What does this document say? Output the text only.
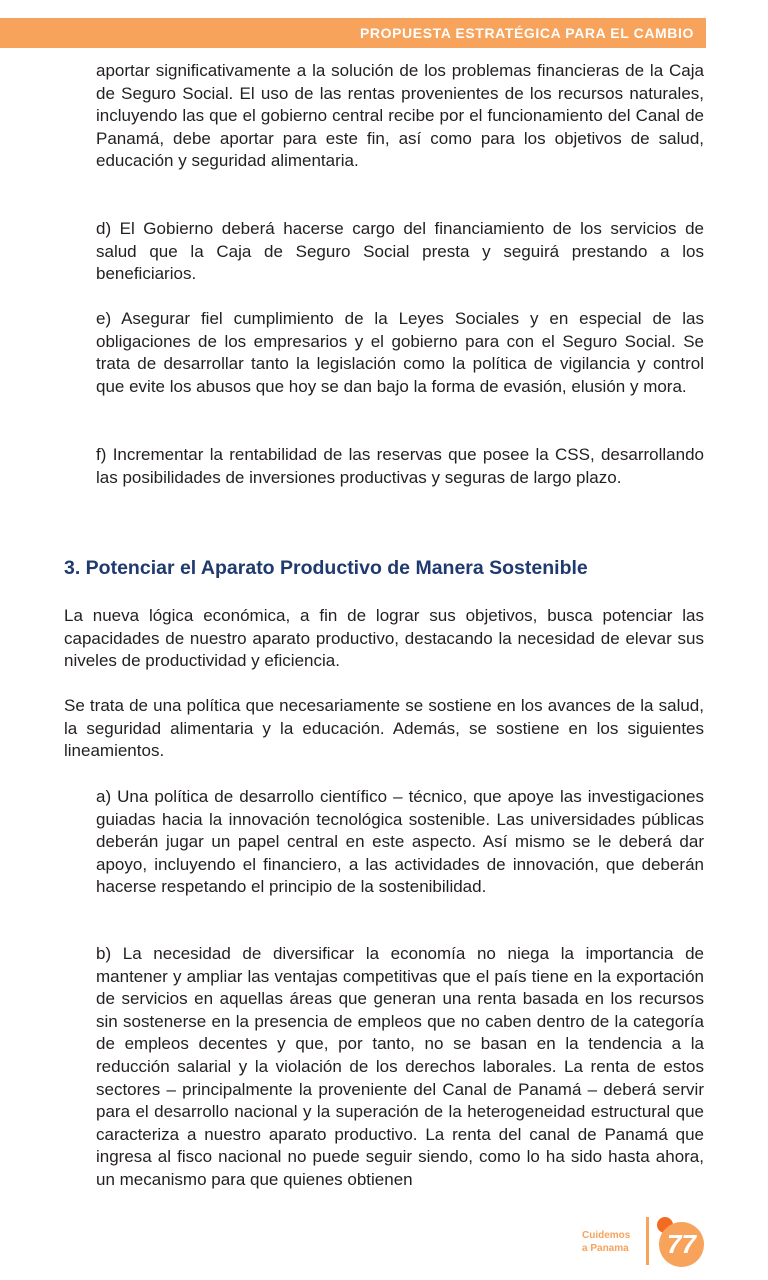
PROPUESTA ESTRATÉGICA PARA EL CAMBIO

aportar significativamente a la solución de los problemas financieras de la Caja de Seguro Social. El uso de las rentas provenientes de los recursos naturales, incluyendo las que el gobierno central recibe por el funcionamiento del Canal de Panamá, debe aportar para este fin, así como para los objetivos de salud, educación y seguridad alimentaria.

d) El Gobierno deberá hacerse cargo del financiamiento de los servicios de salud que la Caja de Seguro Social presta y seguirá prestando a los beneficiarios.

e) Asegurar fiel cumplimiento de la Leyes Sociales y en especial de las obligaciones de los empresarios y el gobierno para con el Seguro Social. Se trata de desarrollar tanto la legislación como la política de vigilancia y control que evite los abusos que hoy se dan bajo la forma de evasión, elusión y mora.

f) Incrementar la rentabilidad de las reservas que posee la CSS, desarrollando las posibilidades de inversiones productivas y seguras de largo plazo.

3. Potenciar el Aparato Productivo de Manera Sostenible

La nueva lógica económica, a fin de lograr sus objetivos, busca potenciar las capacidades de nuestro aparato productivo, destacando la necesidad de elevar sus niveles de productividad y eficiencia.

Se trata de una política que necesariamente se sostiene en los avances de la salud, la seguridad alimentaria y la educación. Además, se sostiene en los siguientes lineamientos.

a) Una política de desarrollo científico – técnico, que apoye las investigaciones guiadas hacia la innovación tecnológica sostenible. Las universidades públicas deberán jugar un papel central en este aspecto. Así mismo se le deberá dar apoyo, incluyendo el financiero, a las actividades de innovación, que deberán hacerse respetando el principio de la sostenibilidad.

b) La necesidad de diversificar la economía no niega la importancia de mantener y ampliar las ventajas competitivas que el país tiene en la exportación de servicios en aquellas áreas que generan una renta basada en los recursos sin sostenerse en la presencia de empleos que no caben dentro de la categoría de empleos decentes y que, por tanto, no se basan en la tendencia a la reducción salarial y la violación de los derechos laborales. La renta de estos sectores – principalmente la proveniente del Canal de Panamá – deberá servir para el desarrollo nacional y la superación de la heterogeneidad estructural que caracteriza a nuestro aparato productivo. La renta del canal de Panamá que ingresa al fisco nacional no puede seguir siendo, como lo ha sido hasta ahora, un mecanismo para que quienes obtienen

Cuidemos
a Panama	77
